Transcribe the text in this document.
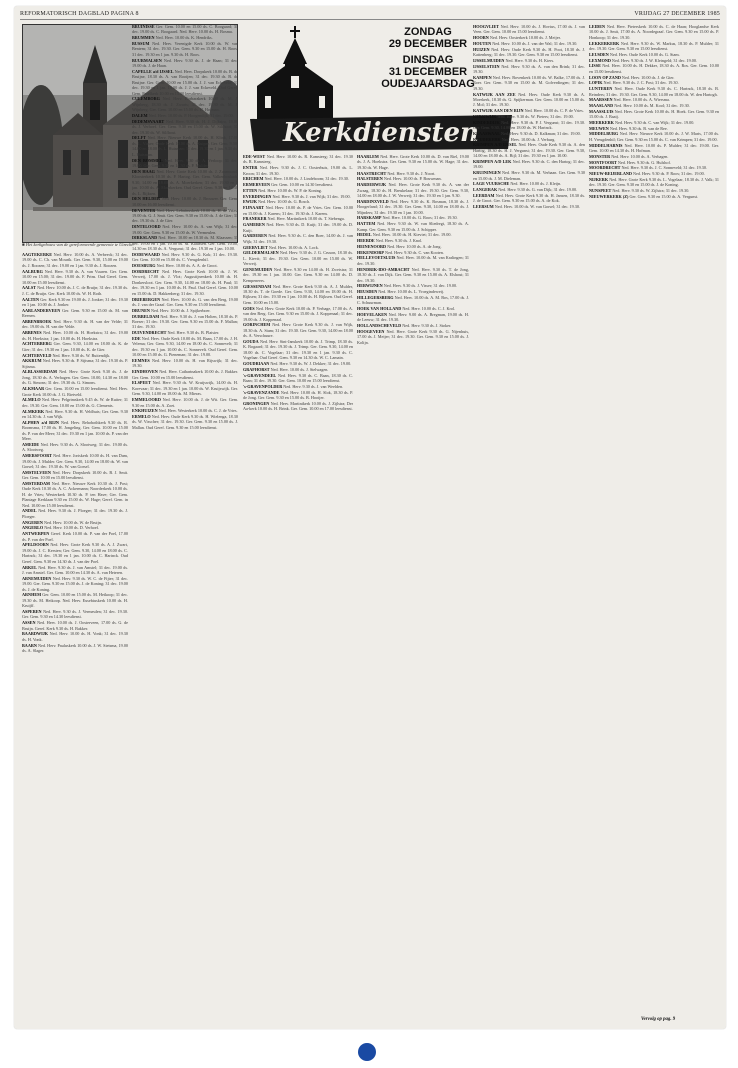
REFORMATORISCH DAGBLAD PAGINA 8	VRIJDAG 27 DECEMBER 1985
■ Het kerkgebouw van de gereformeerde gemeente te Utrecht.
ZONDAG
29 DECEMBER
DINSDAG
31 DECEMBER
OUDEJAARSDAG
Kerkdiensten

AAGTEKERKE Ned. Herv. 10.00 ds. A. Verbeeck; 31 dec. 19.00 ds. C. Ch. van Mourik. Ger. Gem. 9.30, 15.00 en 19.00 ds. J. Roozen; 31 dec. 19.00 en 1 jan. 9.30 ds. J. Roozen.

AALBURG Ned. Herv. 9.30 ds. A. van Vuuren. Ger. Gem. 10.00 en 15.00; 31 dec. 19.00 ds. F. Prins. Oud Geref. Gem. 10.00 en 15.00 leesdienst.

AALST Ned. Herv. 10.00 ds. J. C. de Bruijn; 31 dec. 19.30 ds. J. C. de Bruijn. Ger. Kerk 10.00 ds. W. H. Roth.

AALTEN Ger. Kerk 9.30 en 19.00 ds. J. Jonker; 31 dec. 19.30 en 1 jan. 10.00 ds. J. Jonker.

AARLANDERVEEN Ger. Gem. 9.30 en 15.00 ds. M. van Reenen.

ABBENBROEK Ned. Herv. 9.30 ds. H. van der Velde; 31 dec. 19.00 ds. H. van der Velde.

ABBENES Ned. Herv. 10.00 ds. H. Hoekstra; 31 dec. 19.00 ds. H. Hoekstra; 1 jan. 10.00 ds. H. Hoekstra.

ACHTERBERG Ger. Gem. 9.30, 14.00 en 18.00 ds. K. de Gier; 31 dec. 19.30 en 1 jan. 10.00 ds. K. de Gier.

ACHTERVELD Ned. Herv. 9.30 ds. W. Buitendijk.

AKKRUM Ned. Herv. 9.30 ds. P. Sijtsma; 31 dec. 19.30 ds. P. Sijtsma.

ALBLASSERDAM Ned. Herv. Grote Kerk 9.30 ds. J. de Jong, 18.30 ds. A. Verhagen. Ger. Gem. 10.00, 14.30 en 18.00 ds. G. Simons; 31 dec. 19.30 ds. G. Simons.

ALKMAAR Ger. Gem. 10.00 en 15.00 leesdienst. Ned. Herv. Grote Kerk 10.00 ds. J. G. Rietveld.

ALMELO Ned. Herv. Pelgrimskerk 9.45 ds. W. de Ruiter; 31 dec. 19.30. Ger. Gem. 10.00 en 15.00 ds. G. Clements.

ALMKERK Ned. Herv. 9.30 ds. H. Veldhuis; Ger. Gem. 9.30 en 14.30 ds. J. van Wijk.

ALPHEN a/d RIJN Ned. Herv. Rehobothkerk 9.30 ds. R. Boomsma, 17.00 ds. H. Jongeling. Ger. Gem. 10.00 en 15.00 ds. P. van der Meer; 31 dec. 19.30 en 1 jan. 10.00 ds. P. van der Meer.

AMEIDE Ned. Herv. 9.30 ds. A. Slootweg; 31 dec. 19.00 ds. A. Slootweg.

AMERSFOORT Ned. Herv. Joriskerk 10.00 ds. H. van Dam, 19.00 ds. J. Mulder. Ger. Gem. 9.30, 14.00 en 18.00 ds. W. van Gorsel; 31 dec. 19.30 ds. W. van Gorsel.

AMSTELVEEN Ned. Herv. Dorpskerk 10.00 ds. B. J. Smit. Ger. Gem. 10.00 en 15.00 leesdienst.

AMSTERDAM Ned. Herv. Nieuwe Kerk 10.30 ds. J. Post; Oude Kerk 10.30 ds. A. C. Ackermann; Noorderkerk 10.00 ds. H. de Vries; Westerkerk 10.30 ds. P. ten Have; Ger. Gem. Plantage Kerklaan 9.30 en 15.00 ds. W. Hage; Geref. Gem. in Ned. 10.00 en 15.00 leesdienst.

ANDEL Ned. Herv. 9.30 ds. J. Ploeger; 31 dec. 19.30 ds. J. Ploeger.

ANGEREN Ned. Herv. 10.00 ds. W. de Bruijn.

ANGERLO Ned. Herv. 10.00 ds. D. Verhoef.

ANTWERPEN Geref. Kerk 10.00 ds. P. van der Poel, 17.00 ds. P. van der Poel.

APELDOORN Ned. Herv. Grote Kerk 9.30 ds. A. J. Zwart, 19.00 ds. J. C. Kersten; Ger. Gem. 9.30, 14.00 en 18.00 ds. C. Harinck; 31 dec. 19.30 en 1 jan. 10.00 ds. C. Harinck. Oud Geref. Gem. 9.30 en 14.30 ds. J. van der Poel.

ARKEL Ned. Herv. 9.30 ds. J. van Amstel; 31 dec. 19.00 ds. J. van Amstel. Ger. Gem. 10.00 en 14.30 ds. A. van Heteren.

ARNEMUIDEN Ned. Herv. 9.30 ds. W. C. de Fijter; 31 dec. 19.00. Ger. Gem. 9.30 en 15.00 ds. J. de Koning; 31 dec. 19.00 ds. J. de Koning.

ARNHEM Ger. Gem. 10.00 en 15.00 ds. M. Heikoop; 31 dec. 19.30 ds. M. Heikoop. Ned. Herv. Eusebiuskerk 10.00 ds. H. Kruijff.

ASPEREN Ned. Herv. 9.30 ds. J. Vermeulen; 31 dec. 19.30. Ger. Gem. 9.30 en 14.30 leesdienst.

ASSEN Ned. Herv. 10.00 ds. J. Oosterveen, 17.00 ds. G. de Bruijn. Geref. Kerk 9.30 ds. H. Bakker.

BAARDWIJK Ned. Herv. 10.00 ds. H. Vonk; 31 dec. 19.30 ds. H. Vonk.

BAARN Ned. Herv. Pauluskerk 10.00 ds. J. W. Sietsma, 19.00 ds. A. Slager.

BRUINISSE Ger. Gem. 10.00 en 15.00 ds. C. Boogaard; 31 dec. 19.00 ds. C. Boogaard. Ned. Herv. 10.00 ds. H. Bosma.

BRUMMEN Ned. Herv. 10.00 ds. K. Hendriks.

BUSSUM Ned. Herv. Verenigde Kerk 10.00 ds. W. van Bentem; 31 dec. 19.30. Ger. Gem. 9.30 en 15.00 ds. H. Roos; 31 dec. 19.30 en 1 jan. 9.30 ds. H. Roos.

BUURMALSEN Ned. Herv. 9.30 ds. J. de Haan; 31 dec. 19.00 ds. J. de Haan.

CAPELLE a/d IJSSEL Ned. Herv. Dorpskerk 10.00 ds. B. de Bruijne, 18.30 ds. A. van Rooijen; 31 dec. 19.30 ds. B. de Bruijne. Ger. Gem. 10.00 en 15.00 ds. J. J. van Eckeveld; 31 dec. 19.30 en 1 jan. 10.00 ds. J. J. van Eckeveld. Oud Geref. Gem. Pniëlkerk 10.00 en 15.00 leesdienst.

CULEMBORG Ned. Herv. Barbarakerk 10.00 ds. M. J. Wijnberg, 18.30 ds. J. Zwarts; 31 dec. 19.30 ds. M. J. Wijnberg. Ger. Gem. 10.00 en 15.00 ds. H. Hofman.

DALEM Ned. Herv. 10.00 ds. P. Hoogendijk; 31 dec. 19.00.

DEDEMSVAART Ned. Herv. 9.30 ds. H. J. Dijkstra, 19.00 ds. J. Verhoef. Ger. Gem. 9.30 en 15.00 ds. W. Silfhout; 31 dec. 19.30 ds. W. Silfhout.

DELFT Ned. Herv. Nieuwe Kerk 10.00 ds. H. Klink, 17.00 ds. L. Visser; Oude Kerk 10.00 ds. A. Kuiper. Ger. Gem. 9.30, 14.00 en 18.00 ds. L. Huisman; 31 dec. 19.30 en 1 jan. 9.30 ds. L. Huisman.

DEN BOMMEL Ned. Herv. 9.30 ds. A. Verloop; 31 dec. 19.00. Ger. Gem. 9.30 en 14.30 ds. P. Mulder.

DEN HAAG Ned. Herv. Grote Kerk 10.00 ds. J. Zuurmond; Kloosterkerk 10.30 ds. P. Hartog. Ger. Gem. Valkenboskade 9.30, 14.00 en 18.00 ds. A. Moerkerken; 31 dec. 19.30 en 1 jan. 10.00 ds. A. Moerkerken. Oud Geref. Gem. 9.30 en 14.30 ds. L. Rijksen.

DEN HELDER Ned. Herv. 10.00 ds. J. Brouwer. Ger. Gem. 10.00 en 16.00 leesdienst.

DEVENTER Ned. Herv. Lebuïnuskerk 10.00 ds. H. de Vries, 19.00 ds. G. J. Smit. Ger. Gem. 9.30 en 15.00 ds. J. de Gier; 31 dec. 19.30 ds. J. de Gier.

DINTELOORD Ned. Herv. 10.00 ds. A. van Wijk; 31 dec. 19.00. Ger. Gem. 9.30 en 15.00 ds. W. Vermeulen.

DIRKSLAND Ned. Herv. 10.00 en 18.30 ds. M. Klaassen; 31 dec. 19.00 en 1 jan. 10.00 ds. M. Klaassen. Ger. Gem. 10.00, 14.30 en 18.30 ds. A. Vergunst; 31 dec. 19.30 en 1 jan. 10.00.

DODEWAARD Ned. Herv. 9.30 ds. G. Kok; 31 dec. 19.30. Ger. Gem. 10.00 en 15.00 ds. C. Vreugdenhil.

DOESBURG Ned. Herv. 10.00 ds. A. A. de Groot.

DORDRECHT Ned. Herv. Grote Kerk 10.00 ds. J. W. Verweij, 17.00 ds. J. Vlot; Augustijnenkerk 10.00 ds. H. Donkersloot. Ger. Gem. 9.30, 14.00 en 18.00 ds. H. Paul; 31 dec. 19.30 en 1 jan. 10.00 ds. H. Paul. Oud Geref. Gem. 10.00 en 15.00 ds. D. Hakkenberg; 31 dec. 19.30.

DRIEBERGEN Ned. Herv. 10.00 ds. G. van den Berg, 19.00 ds. J. van der Graaf. Ger. Gem. 9.30 en 15.00 leesdienst.

DRUNEN Ned. Herv. 10.00 ds. J. Spijkerboer.

DUBBELDAM Ned. Herv. 9.30 ds. J. van Holten, 18.30 ds. P. Boeser; 31 dec. 19.30. Ger. Gem. 9.30 en 15.00 ds. F. Mallan; 31 dec. 19.30.

DUIVENDRECHT Ned. Herv. 9.30 ds. B. Plaisier.

EDE Ned. Herv. Oude Kerk 10.00 ds. M. Baan, 17.00 ds. J. H. Velema; Ger. Gem. 9.30, 14.00 en 18.00 ds. C. Sonnevelt; 31 dec. 19.30 en 1 jan. 10.00 ds. C. Sonnevelt. Oud Geref. Gem. 10.00 en 15.00 ds. G. Pieneman; 31 dec. 19.00.

EEMNES Ned. Herv. 10.00 ds. H. van Rijswijk; 31 dec. 19.30.

EINDHOVEN Ned. Herv. Catharinakerk 10.00 ds. J. Bakker. Ger. Gem. 10.00 en 15.00 leesdienst.

ELSPEET Ned. Herv. 9.30 ds. W. Kruijswijk, 14.00 ds. H. Korevaar; 31 dec. 19.30 en 1 jan. 10.00 ds. W. Kruijswijk. Ger. Gem. 9.30, 14.00 en 18.00 ds. M. Mieras.

EMMELOORD Ned. Herv. 10.00 ds. J. de Wit. Ger. Gem. 9.30 en 15.00 ds. A. Zoet.

ENKHUIZEN Ned. Herv. Westerkerk 10.00 ds. C. J. de Vries.

ERMELO Ned. Herv. Oude Kerk 9.30 ds. H. Wielenga, 18.30 ds. W. Visscher; 31 dec. 19.30. Ger. Gem. 9.30 en 15.00 ds. J. Mallan. Oud Geref. Gem. 9.30 en 15.00 leesdienst.

EDE-WEST Ned. Herv. 10.00 ds. R. Kamsteeg; 31 dec. 19.30 ds. R. Kamsteeg.

ENTER Ned. Herv. 9.30 ds. J. C. Oosterhuis, 19.00 ds. L. Kroon; 31 dec. 19.30.

ERICHEM Ned. Herv. 10.00 ds. J. Lindeboom; 31 dec. 19.30.

ERMERVEEN Ger. Gem. 10.00 en 14.30 leesdienst.

ETTEN Ned. Herv. 10.00 ds. W. P. de Koning.

EVERDINGEN Ned. Herv. 9.30 ds. J. van Wijk; 31 dec. 19.00.

EWIJK Ned. Herv. 10.00 ds. G. Bosch.

FIJNAART Ned. Herv. 10.00 ds. P. de Vries. Ger. Gem. 10.00 en 15.00 ds. J. Karens; 31 dec. 19.30 ds. J. Karens.

FRANEKER Ned. Herv. Martinikerk 10.00 ds. T. Siebenga.

GAMEREN Ned. Herv. 9.30 ds. D. Kuijt; 31 dec. 19.00 ds. D. Kuijt.

GARDEREN Ned. Herv. 9.30 ds. C. den Boer, 14.00 ds. J. van Wijk; 31 dec. 19.30.

GEERVLIET Ned. Herv. 10.00 ds. A. Lock.

GELDERMALSEN Ned. Herv. 9.30 ds. J. G. Cruson, 18.30 ds. L. Kievit; 31 dec. 19.30. Ger. Gem. 10.00 en 15.00 ds. W. Verweij.

GENEMUIDEN Ned. Herv. 9.30 en 14.00 ds. H. Zweistra; 31 dec. 19.30 en 1 jan. 10.00. Ger. Gem. 9.30 en 14.00 ds. D. Kempeneers.

GIESSENDAM Ned. Herv. Grote Kerk 9.30 ds. A. J. Mulder, 18.30 ds. T. de Goede. Ger. Gem. 9.30, 14.00 en 18.00 ds. H. Rijksen; 31 dec. 19.30 en 1 jan. 10.00 ds. H. Rijksen. Oud Geref. Gem. 10.00 en 15.00.

GOES Ned. Herv. Grote Kerk 10.00 ds. P. Verhage, 17.00 ds. A. van den Berg. Ger. Gem. 9.30 en 15.00 ds. J. Koppenaal; 31 dec. 19.00 ds. J. Koppenaal.

GORINCHEM Ned. Herv. Grote Kerk 9.30 ds. J. van Wijk, 18.30 ds. A. Stam; 31 dec. 19.30. Ger. Gem. 9.30, 14.00 en 18.00 ds. A. Verschuure.

GOUDA Ned. Herv. Sint-Janskerk 10.00 ds. J. Trimp, 18.30 ds. K. Bogaard; 31 dec. 19.30 ds. J. Trimp. Ger. Gem. 9.30, 14.00 en 18.00 ds. C. Vogelaar; 31 dec. 19.30 en 1 jan. 9.30 ds. C. Vogelaar. Oud Geref. Gem. 9.30 en 14.30 ds. W. C. Lamain.

GOUDRIAAN Ned. Herv. 9.30 ds. W. J. Dekker; 31 dec. 19.00.

GRAFHORST Ned. Herv. 10.00 ds. J. Stelwagen.

's-GRAVENDEEL Ned. Herv. 9.30 ds. C. Baan, 18.30 ds. C. Baan; 31 dec. 19.30. Ger. Gem. 10.00 en 15.00 leesdienst.

's-GRAVENPOLDER Ned. Herv. 9.30 ds. J. van Weelden.

's-GRAVENZANDE Ned. Herv. 10.00 ds. H. Slok, 18.30 ds. P. de Jong. Ger. Gem. 9.30 en 15.00 ds. B. Hooijer.

GRONINGEN Ned. Herv. Martinikerk 10.00 ds. J. Zijlstra; Der Aa-kerk 10.00 ds. H. Brink. Ger. Gem. 10.00 en 17.00 leesdienst.

HAARLEM Ned. Herv. Grote Kerk 10.00 ds. D. van Riel, 19.00 ds. J. A. Hoekstra. Ger. Gem. 9.30 en 15.00 ds. W. Hage; 31 dec. 19.30 ds. W. Hage.

HAASTRECHT Ned. Herv. 9.30 ds. J. Noort.

HALSTEREN Ned. Herv. 10.00 ds. P. Bouwman.

HARDERWIJK Ned. Herv. Grote Kerk 9.30 ds. A. van der Zwaag, 18.30 ds. H. Breukelaar; 31 dec. 19.30. Ger. Gem. 9.30, 14.00 en 18.00 ds. J. W. Verweij; 31 dec. 19.30 en 1 jan. 9.30.

HARDINXVELD Ned. Herv. 9.30 ds. K. Bosman, 18.30 ds. J. Hoogerland; 31 dec. 19.30. Ger. Gem. 9.30, 14.00 en 18.00 ds. J. Mijnders; 31 dec. 19.30 en 1 jan. 10.00.

HARSKAMP Ned. Herv. 10.00 ds. G. Roos; 31 dec. 19.30.

HATTEM Ned. Herv. 9.30 ds. W. van Sliedregt, 18.30 ds. A. Kamp. Ger. Gem. 9.30 en 15.00 ds. J. Schipper.

HEDEL Ned. Herv. 10.00 ds. H. Kieviet; 31 dec. 19.00.

HEERDE Ned. Herv. 9.30 ds. J. Knol.

HEINENOORD Ned. Herv. 10.00 ds. A. de Jong.

HEKENDORP Ned. Herv. 9.30 ds. C. van Kooten.

HELLEVOETSLUIS Ned. Herv. 10.00 ds. M. van Kralingen; 31 dec. 19.30.

HENDRIK-IDO-AMBACHT Ned. Herv. 9.30 ds. T. de Jong, 18.30 ds. J. van Dijk. Ger. Gem. 9.30 en 15.00 ds. A. Elshout; 31 dec. 19.30.

HERWIJNEN Ned. Herv. 9.30 ds. J. Visser; 31 dec. 19.00.

HEUSDEN Ned. Herv. 10.00 ds. L. Vroegindeweij.

HILLEGERSBERG Ned. Herv. 10.00 ds. A. M. Bos, 17.00 ds. J. C. Schuurman.

HOEK VAN HOLLAND Ned. Herv. 10.00 ds. C. J. Krol.

HOEVELAKEN Ned. Herv. 9.00 ds. A. Bregman, 19.00 ds. H. de Leeuw; 31 dec. 19.30.

HOLLANDSCHEVELD Ned. Herv. 9.30 ds. J. Stoker.

HOOGEVEEN Ned. Herv. Grote Kerk 9.30 ds. G. Nijenhuis, 17.00 ds. J. Meijer; 31 dec. 19.30. Ger. Gem. 9.30 en 15.00 ds. J. Kolijn.

HOOGVLIET Ned. Herv. 10.00 ds. J. Hovius, 17.00 ds. J. van Veen. Ger. Gem. 10.00 en 15.00 leesdienst.

HOORN Ned. Herv. Oosterkerk 10.00 ds. J. Meijer.

HOUTEN Ned. Herv. 10.00 ds. J. van der Wal; 31 dec. 19.30.

HUIZEN Ned. Herv. Oude Kerk 9.30 ds. H. Poot, 18.30 ds. J. Kattenberg; 31 dec. 19.30. Ger. Gem. 9.30 en 15.00 leesdienst.

IJSSELMUIDEN Ned. Herv. 9.30 ds. H. Kiers.

IJSSELSTEIN Ned. Herv. 9.30 ds. A. van den Brink; 31 dec. 19.30.

KAMPEN Ned. Herv. Bovenkerk 10.00 ds. W. Balke, 17.00 ds. J. Boer. Ger. Gem. 9.30 en 15.00 ds. M. Golverdingen; 31 dec. 19.30.

KATWIJK AAN ZEE Ned. Herv. Oude Kerk 9.30 ds. A. Moerkerk, 18.30 ds. G. Spijkerman. Ger. Gem. 10.00 en 15.00 ds. J. Mol; 31 dec. 19.30.

KATWIJK AAN DEN RIJN Ned. Herv. 10.00 ds. C. P. de Vries.

KERKWIJK Ned. Herv. 9.30 ds. W. Pieters; 31 dec. 19.00.

KINDERDIJK Ned. Herv. 9.30 ds. P. J. Vergunst; 31 dec. 19.30. Ger. Gem. 9.30, 14.00 en 18.00 ds. W. Harinck.

KLAASWAAL Ned. Herv. 9.30 ds. D. Kalkman; 31 dec. 19.00.

KOUDEKERK Ned. Herv. 10.00 ds. J. Verburg.

KRIMPEN A/D IJSSEL Ned. Herv. Oude Kerk 9.30 ds. A. den Hartog, 18.30 ds. H. J. Vergunst; 31 dec. 19.30. Ger. Gem. 9.30, 14.00 en 18.00 ds. A. Bijl; 31 dec. 19.30 en 1 jan. 10.00.

KRIMPEN A/D LEK Ned. Herv. 9.30 ds. C. den Hartog; 31 dec. 19.00.

KRUININGEN Ned. Herv. 9.30 ds. M. Verbaan. Ger. Gem. 9.30 en 15.00 ds. J. M. Dieleman.

LAGE VUURSCHE Ned. Herv. 10.00 ds. J. Kleijn.

LANGERAK Ned. Herv. 9.30 ds. G. van Dijk; 31 dec. 19.00.

LEERDAM Ned. Herv. Grote Kerk 9.30 ds. H. Jansen, 18.30 ds. J. de Groot. Ger. Gem. 9.30 en 15.00 ds. A. de Kok.

LEERSUM Ned. Herv. 10.00 ds. W. van Gorsel; 31 dec. 19.30.

LEIDEN Ned. Herv. Pieterskerk 10.00 ds. C. de Haan; Hooglandse Kerk 10.00 ds. J. Smit, 17.00 ds. A. Noordegraaf. Ger. Gem. 9.30 en 15.00 ds. P. Honkoop; 31 dec. 19.30.

LEKKERKERK Ned. Herv. 9.30 ds. W. Markus, 18.30 ds. P. Mulder; 31 dec. 19.30. Ger. Gem. 9.30 en 15.00 leesdienst.

LEUSDEN Ned. Herv. Oude Kerk 10.00 ds. G. Stam.

LEXMOND Ned. Herv. 9.30 ds. J. W. Kleingeld; 31 dec. 19.00.

LISSE Ned. Herv. 10.00 ds. H. Dekker, 18.30 ds. A. Ros. Ger. Gem. 10.00 en 15.00 leesdienst.

LOON OP ZAND Ned. Herv. 10.00 ds. J. de Gier.

LOPIK Ned. Herv. 9.30 ds. J. C. Post; 31 dec. 19.30.

LUNTEREN Ned. Herv. Oude Kerk 9.30 ds. C. Harinck, 18.30 ds. B. Reinders; 31 dec. 19.30. Ger. Gem. 9.30, 14.00 en 18.00 ds. W. den Hartogh.

MAARSSEN Ned. Herv. 10.00 ds. A. Wiersma.

MAASLAND Ned. Herv. 10.00 ds. M. Kool; 31 dec. 19.30.

MAASSLUIS Ned. Herv. Grote Kerk 10.00 ds. H. Hoek. Ger. Gem. 9.30 en 15.00 ds. J. Baaij.

MEERKERK Ned. Herv. 9.30 ds. C. van Wijk; 31 dec. 19.00.

MEUWEN Ned. Herv. 9.30 ds. B. van de Ree.

MIDDELBURG Ned. Herv. Nieuwe Kerk 10.00 ds. J. W. Maris, 17.00 ds. H. Vreugdenhil; Ger. Gem. 9.30 en 15.00 ds. C. van Krimpen; 31 dec. 19.00.

MIDDELHARNIS Ned. Herv. 10.00 ds. P. Mulder; 31 dec. 19.00. Ger. Gem. 10.00 en 14.30 ds. H. Hofman.

MONSTER Ned. Herv. 10.00 ds. A. Verhagen.

MONTFOORT Ned. Herv. 9.30 ds. G. Hulshof.

MOORDRECHT Ned. Herv. 9.30 ds. J. C. Sonneveld; 31 dec. 19.30.

NIEUW-BEIJERLAND Ned. Herv. 9.30 ds. P. Roos; 31 dec. 19.00.

NIJKERK Ned. Herv. Grote Kerk 9.30 ds. L. Vogelaar, 18.30 ds. J. Valk; 31 dec. 19.30. Ger. Gem. 9.30 en 15.00 ds. J. de Koning.

NUNSPEET Ned. Herv. 9.30 ds. W. Zijlstra; 31 dec. 19.30.

NIEUWERKERK (Z) Ger. Gem. 9.30 en 15.00 ds. A. Vergunst.

Vervolg op pag. 9
